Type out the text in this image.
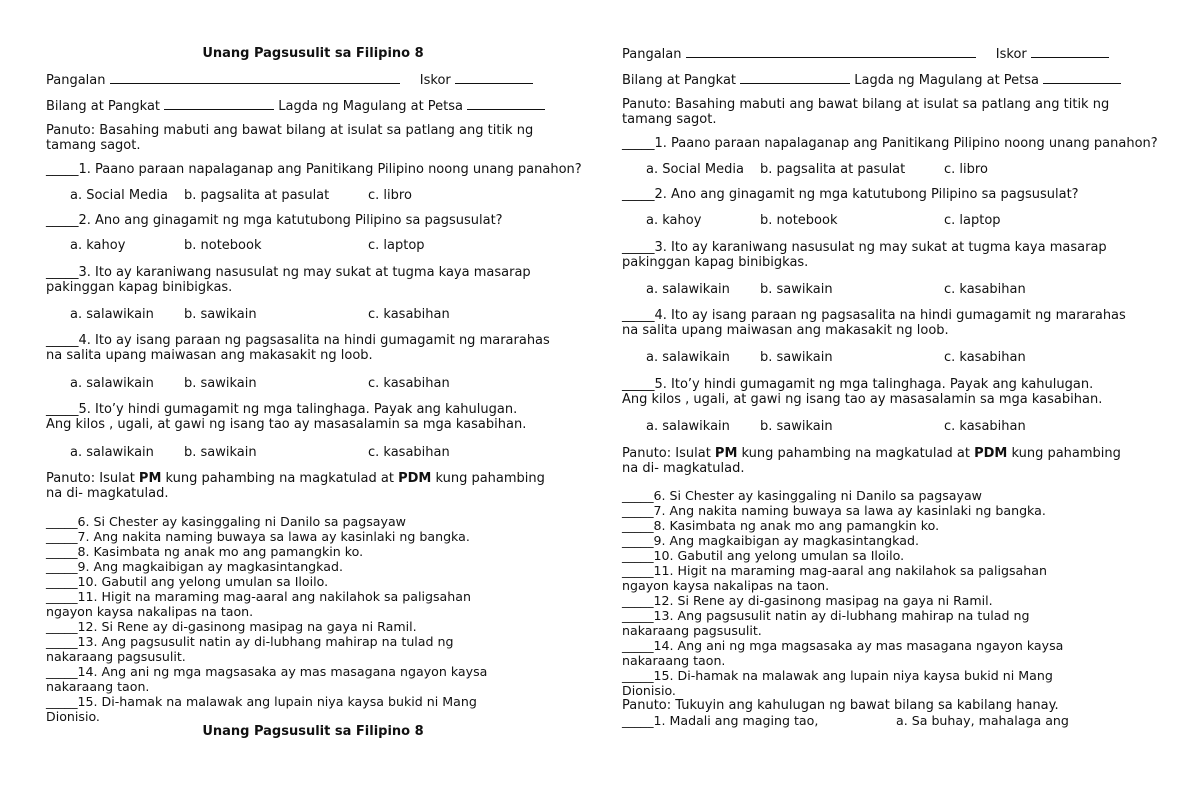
Unang Pagsusulit sa Filipino 8
Pangalan	Iskor
Bilang at Pangkat	Lagda ng Magulang at Petsa
Panuto: Basahing mabuti ang bawat bilang at isulat sa patlang ang titik ng tamang sagot.
_____1. Paano paraan napalaganap ang Panitikang Pilipino noong unang panahon?
a. Social Media b. pagsalita at pasulat	c. libro
_____2. Ano ang ginagamit ng mga katutubong Pilipino sa pagsusulat?
a. kahoy	b. notebook	c. laptop
_____3. Ito ay karaniwang nasusulat ng may sukat at tugma kaya masarap pakinggan kapag binibigkas.
a. salawikain b. sawikain	c. kasabihan
_____4. Ito ay isang paraan ng pagsasalita na hindi gumagamit ng mararahas na salita upang maiwasan ang makasakit ng loob.
a. salawikain b. sawikain	c. kasabihan
_____5. Ito’y hindi gumagamit ng mga talinghaga. Payak ang kahulugan. Ang kilos , ugali, at gawi ng isang tao ay masasalamin sa mga kasabihan.
a. salawikain b. sawikain	c. kasabihan
Panuto: Isulat PM kung pahambing na magkatulad at PDM kung pahambing na di- magkatulad.
_____6. Si Chester ay kasinggaling ni Danilo sa pagsayaw
_____7. Ang nakita naming buwaya sa lawa ay kasinlaki ng bangka.
_____8. Kasimbata ng anak mo ang pamangkin ko.
_____9. Ang magkaibigan ay magkasintangkad.
_____10. Gabutil ang yelong umulan sa Iloilo.
_____11. Higit na maraming mag-aaral ang nakilahok sa paligsahan
ngayon kaysa nakalipas na taon.
_____12. Si Rene ay di-gasinong masipag na gaya ni Ramil.
_____13. Ang pagsusulit natin ay di-lubhang mahirap na tulad ng
nakaraang pagsusulit.
_____14. Ang ani ng mga magsasaka ay mas masagana ngayon kaysa
nakaraang taon.
_____15. Di-hamak na malawak ang lupain niya kaysa bukid ni Mang
Dionisio.
Unang Pagsusulit sa Filipino 8
Pangalan	Iskor
Bilang at Pangkat	Lagda ng Magulang at Petsa
Panuto: Basahing mabuti ang bawat bilang at isulat sa patlang ang titik ng tamang sagot.
_____1. Paano paraan napalaganap ang Panitikang Pilipino noong unang panahon?
a. Social Media b. pagsalita at pasulat	c. libro
_____2. Ano ang ginagamit ng mga katutubong Pilipino sa pagsusulat?
a. kahoy	b. notebook	c. laptop
_____3. Ito ay karaniwang nasusulat ng may sukat at tugma kaya masarap pakinggan kapag binibigkas.
a. salawikain b. sawikain	c. kasabihan
_____4. Ito ay isang paraan ng pagsasalita na hindi gumagamit ng mararahas na salita upang maiwasan ang makasakit ng loob.
a. salawikain b. sawikain	c. kasabihan
_____5. Ito’y hindi gumagamit ng mga talinghaga. Payak ang kahulugan. Ang kilos , ugali, at gawi ng isang tao ay masasalamin sa mga kasabihan.
a. salawikain b. sawikain	c. kasabihan
Panuto: Isulat PM kung pahambing na magkatulad at PDM kung pahambing na di- magkatulad.
_____6. Si Chester ay kasinggaling ni Danilo sa pagsayaw
_____7. Ang nakita naming buwaya sa lawa ay kasinlaki ng bangka.
_____8. Kasimbata ng anak mo ang pamangkin ko.
_____9. Ang magkaibigan ay magkasintangkad.
_____10. Gabutil ang yelong umulan sa Iloilo.
_____11. Higit na maraming mag-aaral ang nakilahok sa paligsahan
ngayon kaysa nakalipas na taon.
_____12. Si Rene ay di-gasinong masipag na gaya ni Ramil.
_____13. Ang pagsusulit natin ay di-lubhang mahirap na tulad ng
nakaraang pagsusulit.
_____14. Ang ani ng mga magsasaka ay mas masagana ngayon kaysa
nakaraang taon.
_____15. Di-hamak na malawak ang lupain niya kaysa bukid ni Mang
Dionisio.
Panuto: Tukuyin ang kahulugan ng bawat bilang sa kabilang hanay.
_____1. Madali ang maging tao,	a. Sa buhay, mahalaga ang
